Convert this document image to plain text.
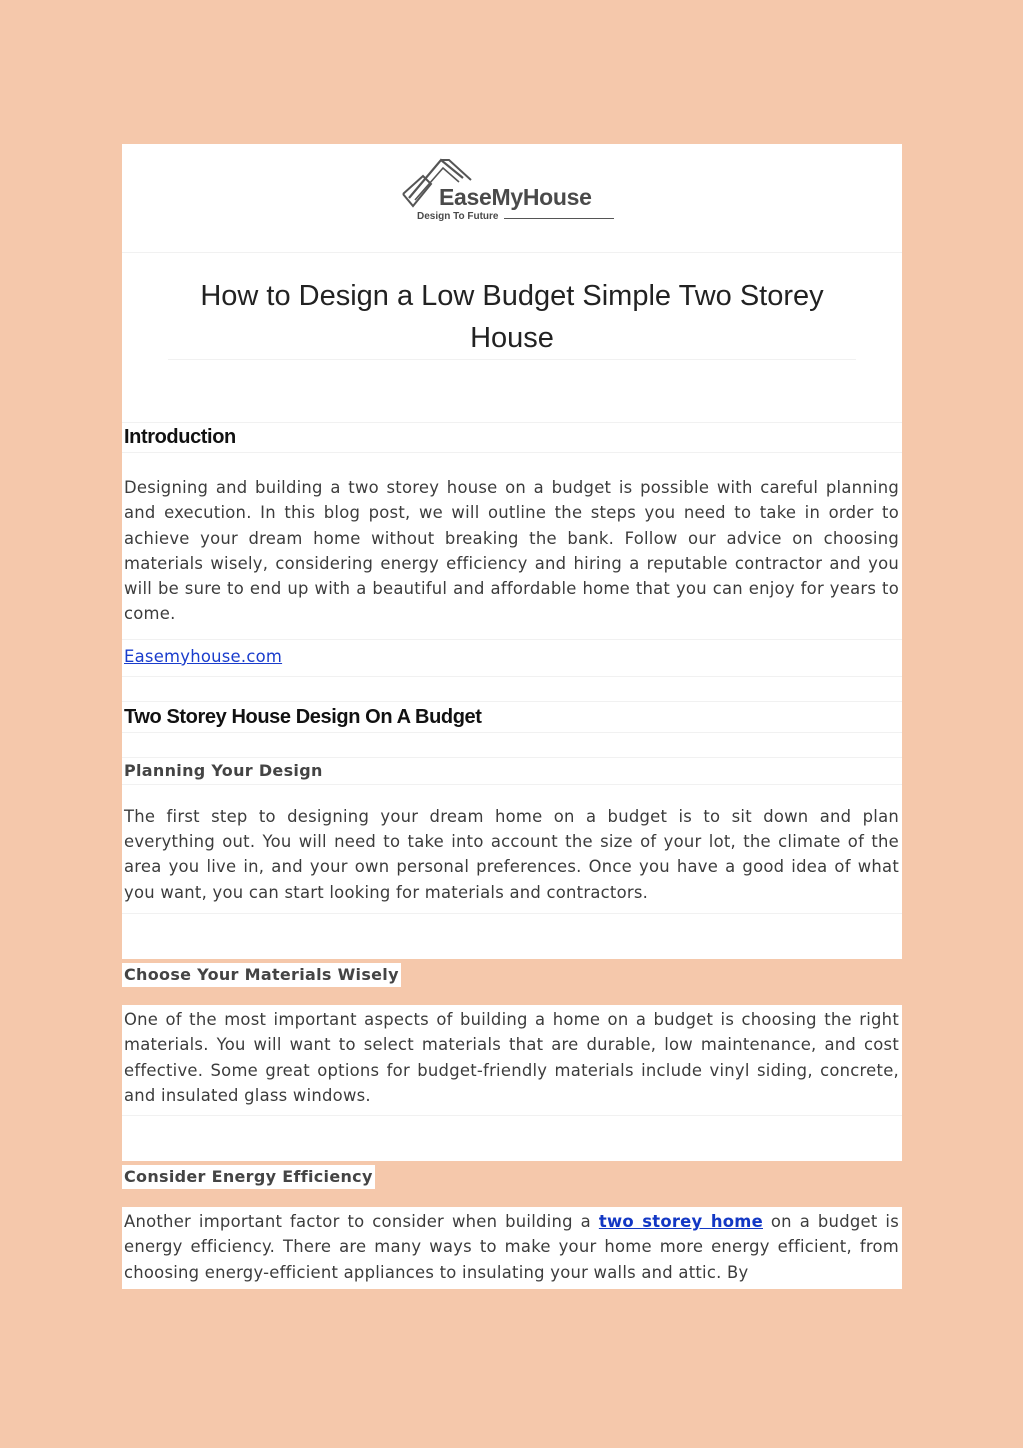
EaseMyHouse
Design To Future
How to Design a Low Budget Simple Two Storey House
Introduction
Designing and building a two storey house on a budget is possible with careful planning and execution. In this blog post, we will outline the steps you need to take in order to achieve your dream home without breaking the bank. Follow our advice on choosing materials wisely, considering energy efficiency and hiring a reputable contractor and you will be sure to end up with a beautiful and affordable home that you can enjoy for years to come.
Easemyhouse.com
Two Storey House Design On A Budget
Planning Your Design
The first step to designing your dream home on a budget is to sit down and plan everything out. You will need to take into account the size of your lot, the climate of the area you live in, and your own personal preferences. Once you have a good idea of what you want, you can start looking for materials and contractors.
Choose Your Materials Wisely
One of the most important aspects of building a home on a budget is choosing the right materials. You will want to select materials that are durable, low maintenance, and cost effective. Some great options for budget-friendly materials include vinyl siding, concrete, and insulated glass windows.
Consider Energy Efficiency
Another important factor to consider when building a two storey home on a budget is energy efficiency. There are many ways to make your home more energy efficient, from choosing energy-efficient appliances to insulating your walls and attic. By
